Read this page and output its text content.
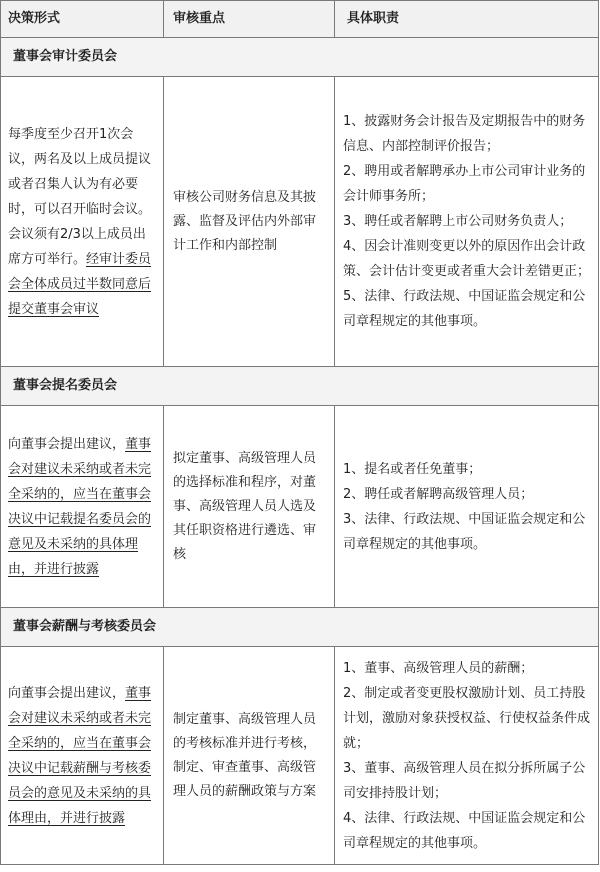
决策形式	审核重点	具体职责
董事会审计委员会		
每季度至少召开1次会议，两名及以上成员提议或者召集人认为有必要时，可以召开临时会议。会议须有2/3以上成员出席方可举行。经审计委员会全体成员过半数同意后提交董事会审议	审核公司财务信息及其披露、监督及评估内外部审计工作和内部控制	1、披露财务会计报告及定期报告中的财务信息、内部控制评价报告；
2、聘用或者解聘承办上市公司审计业务的会计师事务所；
3、聘任或者解聘上市公司财务负责人；
4、因会计准则变更以外的原因作出会计政策、会计估计变更或者重大会计差错更正；
5、法律、行政法规、中国证监会规定和公司章程规定的其他事项。

董事会提名委员会		
向董事会提出建议，董事会对建议未采纳或者未完全采纳的，应当在董事会决议中记载提名委员会的意见及未采纳的具体理由，并进行披露	拟定董事、高级管理人员的选择标准和程序，对董事、高级管理人员人选及其任职资格进行遴选、审核	1、提名或者任免董事；
2、聘任或者解聘高级管理人员；
3、法律、行政法规、中国证监会规定和公司章程规定的其他事项。

董事会薪酬与考核委员会		
向董事会提出建议，董事会对建议未采纳或者未完全采纳的，应当在董事会决议中记载薪酬与考核委员会的意见及未采纳的具体理由，并进行披露	制定董事、高级管理人员的考核标准并进行考核，制定、审查董事、高级管理人员的薪酬政策与方案	1、董事、高级管理人员的薪酬；
2、制定或者变更股权激励计划、员工持股计划，激励对象获授权益、行使权益条件成就；
3、董事、高级管理人员在拟分拆所属子公司安排持股计划；
4、法律、行政法规、中国证监会规定和公司章程规定的其他事项。
